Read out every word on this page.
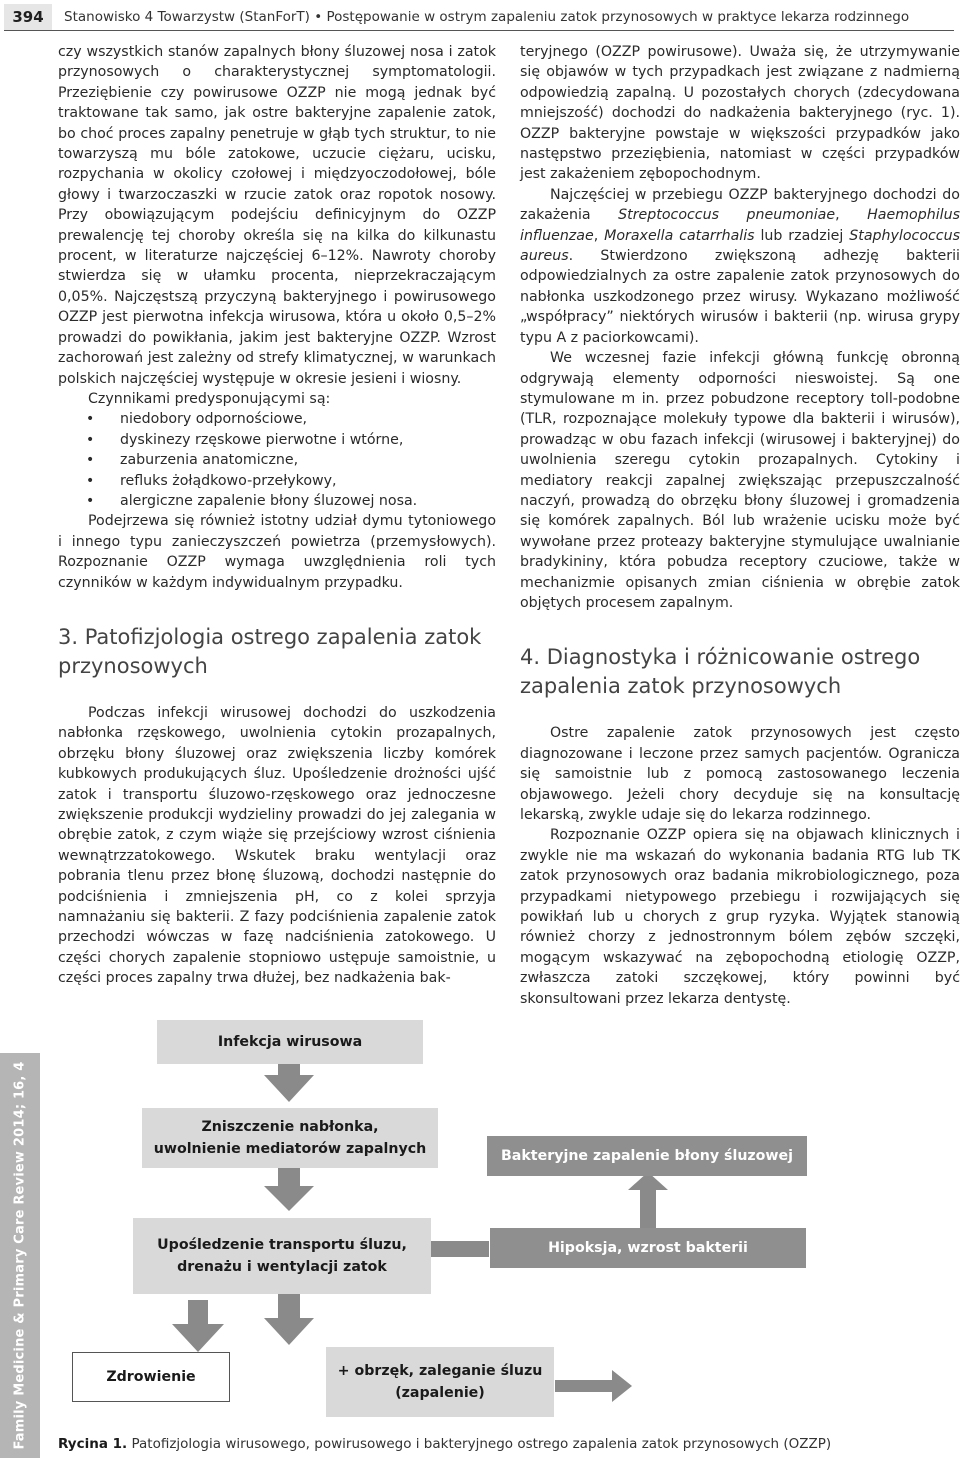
394	Stanowisko 4 Towarzystw (StanForT) • Postępowanie w ostrym zapaleniu zatok przynosowych w praktyce lekarza rodzinnego

czy wszystkich stanów zapalnych błony śluzowej nosa i zatok przynosowych o charakterystycznej symptomatologii. Przeziębienie czy powirusowe OZZP nie mogą jednak być traktowane tak samo, jak ostre bakteryjne zapalenie zatok, bo choć proces zapalny penetruje w głąb tych struktur, to nie towarzyszą mu bóle zatokowe, uczucie ciężaru, ucisku, rozpychania w okolicy czołowej i międzyoczodołowej, bóle głowy i twarzoczaszki w rzucie zatok oraz ropotok nosowy. Przy obowiązującym podejściu definicyjnym do OZZP prewalencję tej choroby określa się na kilka do kilkunastu procent, w literaturze najczęściej 6–12%. Nawroty choroby stwierdza się w ułamku procenta, nieprzekraczającym 0,05%. Najczęstszą przyczyną bakteryjnego i powirusowego OZZP jest pierwotna infekcja wirusowa, która u około 0,5–2% prowadzi do powikłania, jakim jest bakteryjne OZZP. Wzrost zachorowań jest zależny od strefy klimatycznej, w warunkach polskich najczęściej występuje w okresie jesieni i wiosny.

Czynnikami predysponującymi są:

• niedobory odpornościowe,
• dyskinezy rzęskowe pierwotne i wtórne,
• zaburzenia anatomiczne,
• refluks żołądkowo-przełykowy,
• alergiczne zapalenie błony śluzowej nosa.

Podejrzewa się również istotny udział dymu tytoniowego i innego typu zanieczyszczeń powietrza (przemysłowych). Rozpoznanie OZZP wymaga uwzględnienia roli tych czynników w każdym indywidualnym przypadku.

3. Patofizjologia ostrego zapalenia zatok przynosowych

Podczas infekcji wirusowej dochodzi do uszkodzenia nabłonka rzęskowego, uwolnienia cytokin prozapalnych, obrzęku błony śluzowej oraz zwiększenia liczby komórek kubkowych produkujących śluz. Upośledzenie drożności ujść zatok i transportu śluzowo-rzęskowego oraz jednoczesne zwiększenie produkcji wydzieliny prowadzi do jej zalegania w obrębie zatok, z czym wiąże się przejściowy wzrost ciśnienia wewnątrzzatokowego. Wskutek braku wentylacji oraz pobrania tlenu przez błonę śluzową, dochodzi następnie do podciśnienia i zmniejszenia pH, co z kolei sprzyja namnażaniu się bakterii. Z fazy podciśnienia zapalenie zatok przechodzi wówczas w fazę nadciśnienia zatokowego. U części chorych zapalenie stopniowo ustępuje samoistnie, u części proces zapalny trwa dłużej, bez nadkażenia bak-

teryjnego (OZZP powirusowe). Uważa się, że utrzymywanie się objawów w tych przypadkach jest związane z nadmierną odpowiedzią zapalną. U pozostałych chorych (zdecydowana mniejszość) dochodzi do nadkażenia bakteryjnego (ryc. 1). OZZP bakteryjne powstaje w większości przypadków jako następstwo przeziębienia, natomiast w części przypadków jest zakażeniem zębopochodnym.

Najczęściej w przebiegu OZZP bakteryjnego dochodzi do zakażenia Streptococcus pneumoniae, Haemophilus influenzae, Moraxella catarrhalis lub rzadziej Staphylococcus aureus. Stwierdzono zwiększoną adhezję bakterii odpowiedzialnych za ostre zapalenie zatok przynosowych do nabłonka uszkodzonego przez wirusy. Wykazano możliwość „współpracy” niektórych wirusów i bakterii (np. wirusa grypy typu A z paciorkowcami).

We wczesnej fazie infekcji główną funkcję obronną odgrywają elementy odporności nieswoistej. Są one stymulowane m in. przez pobudzone receptory toll-podobne (TLR, rozpoznające molekuły typowe dla bakterii i wirusów), prowadząc w obu fazach infekcji (wirusowej i bakteryjnej) do uwolnienia szeregu cytokin prozapalnych. Cytokiny i mediatory reakcji zapalnej zwiększając przepuszczalność naczyń, prowadzą do obrzęku błony śluzowej i gromadzenia się komórek zapalnych. Ból lub wrażenie ucisku może być wywołane przez proteazy bakteryjne stymulujące uwalnianie bradykininy, która pobudza receptory czuciowe, także w mechanizmie opisanych zmian ciśnienia w obrębie zatok objętych procesem zapalnym.

4. Diagnostyka i różnicowanie ostrego zapalenia zatok przynosowych

Ostre zapalenie zatok przynosowych jest często diagnozowane i leczone przez samych pacjentów. Ogranicza się samoistnie lub z pomocą zastosowanego leczenia objawowego. Jeżeli chory decyduje się na konsultację lekarską, zwykle udaje się do lekarza rodzinnego.

Rozpoznanie OZZP opiera się na objawach klinicznych i zwykle nie ma wskazań do wykonania badania RTG lub TK zatok przynosowych oraz badania mikrobiologicznego, poza przypadkami nietypowego przebiegu i rozwijających się powikłań lub u chorych z grup ryzyka. Wyjątek stanowią również chorzy z jednostronnym bólem zębów szczęki, mogącym wskazywać na zębopochodną etiologię OZZP, zwłaszcza zatoki szczękowej, który powinni być skonsultowani przez lekarza dentystę.

Family Medicine & Primary Care Review 2014; 16, 4
Infekcja wirusowa
Zniszczenie nabłonka,
uwolnienie mediatorów zapalnych
Upośledzenie transportu śluzu,
drenażu i wentylacji zatok
Zdrowienie	+ obrzęk, zaleganie śluzu
(zapalenie)
Bakteryjne zapalenie błony śluzowej
Hipoksja, wzrost bakterii
Rycina 1. Patofizjologia wirusowego, powirusowego i bakteryjnego ostrego zapalenia zatok przynosowych (OZZP)
